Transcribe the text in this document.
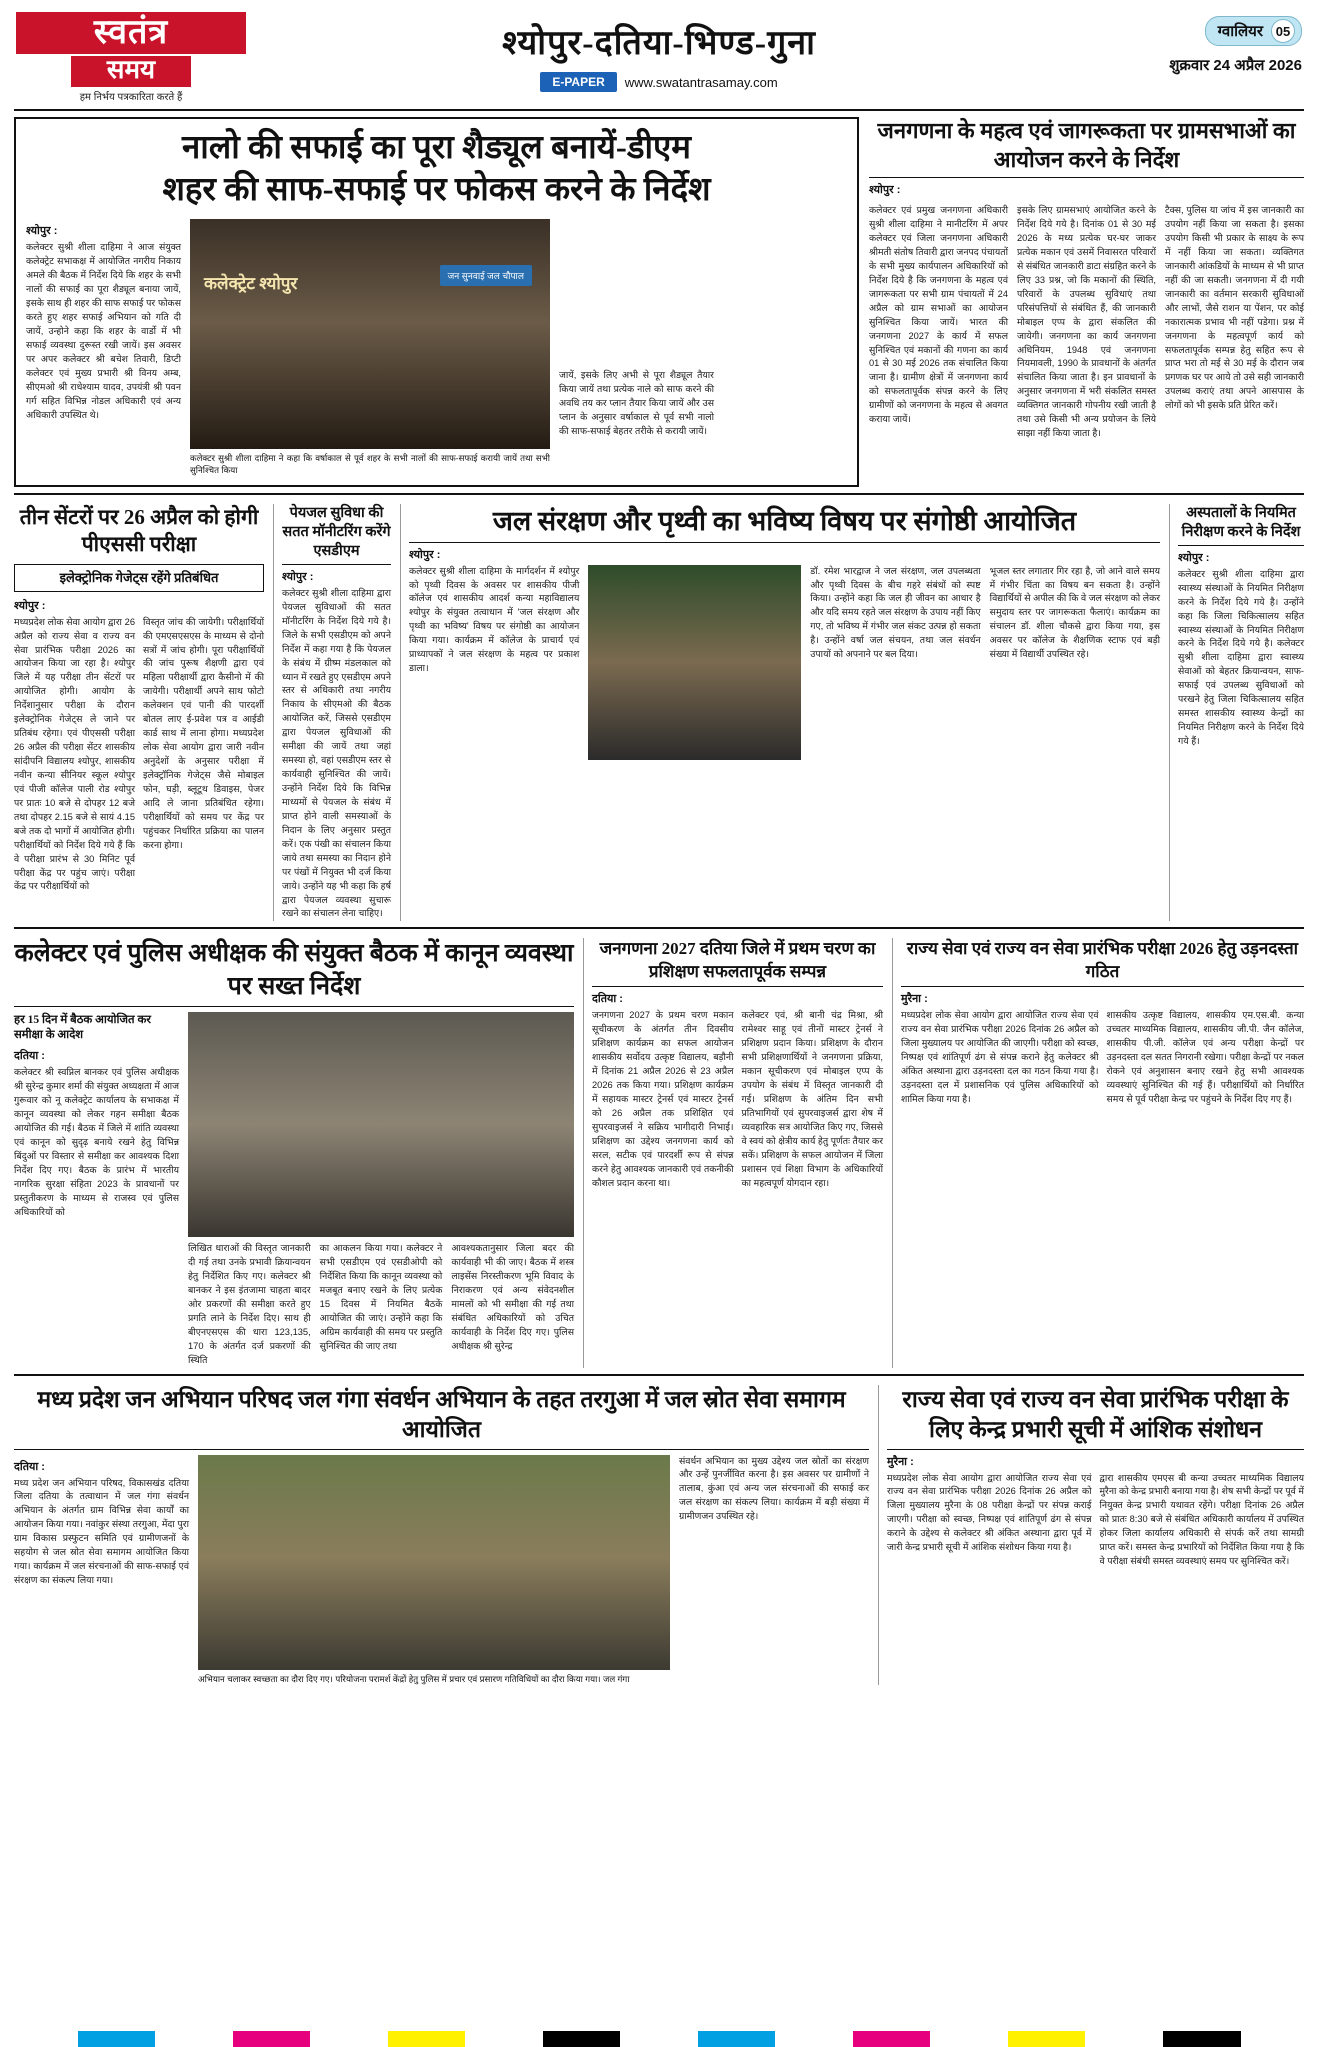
स्वतंत्र
समय
हम निर्भय पत्रकारिता करते हैं
श्योपुर-दतिया-भिण्ड-गुना
E-PAPER	www.swatantrasamay.com
ग्वालियर 05
शुक्रवार 24 अप्रैल 2026
नालो की सफाई का पूरा शैड्यूल बनायें-डीएम
शहर की साफ-सफाई पर फोकस करने के निर्देश
श्योपुर :
कलेक्टर सुश्री शीला दाहिमा ने आज संयुक्त कलेक्ट्रेट सभाकक्ष में आयोजित नगरीय निकाय अमले की बैठक में निर्देश दिये कि शहर के सभी नालों की सफाई का पूरा शैड्यूल बनाया जायें, इसके साथ ही शहर की साफ सफाई पर फोकस करते हुए शहर सफाई अभियान को गति दी जायें, उन्होने कहा कि शहर के वार्डो में भी सफाई व्यवस्था दुरूस्त रखी जायें। इस अवसर पर अपर कलेक्टर श्री बचेश तिवारी, डिप्टी कलेक्टर एवं मुख्य प्रभारी श्री विनय अम्ब, सीएमओ श्री राधेश्याम यादव, उपयंत्री श्री पवन गर्ग सहित विभिन्न नोडल अधिकारी एवं अन्य अधिकारी उपस्थित थे।
कलेक्ट्रेट श्योपुर	जन सुनवाई जल चौपाल
कलेक्टर सुश्री शीला दाहिमा ने कहा कि वर्षाकाल से पूर्व शहर के सभी नालों की साफ-सफाई करायी जायें तथा सभी सुनिश्चित किया
जायें, इसके लिए अभी से पूरा शैड्यूल तैयार किया जायें तथा प्रत्येक नाले को साफ करने की अवधि तय कर प्लान तैयार किया जायें और उस प्लान के अनुसार वर्षाकाल से पूर्व सभी नालो की साफ-सफाई बेहतर तरीके से करायी जायें।
जनगणना के महत्व एवं जागरूकता पर ग्रामसभाओं का आयोजन करने के निर्देश
श्योपुर :
कलेक्टर एवं प्रमुख जनगणना अधिकारी सुश्री शीला दाहिमा ने मानीटरिंग में अपर कलेक्टर एवं जिला जनगणना अधिकारी श्रीमती संतोष तिवारी द्वारा जनपद पंचायतों के सभी मुख्य कार्यपालन अधिकारियों को निर्देश दिये है कि जनगणना के महत्व एवं जागरूकता पर सभी ग्राम पंचायतों में 24 अप्रैल को ग्राम सभाओं का आयोजन सुनिश्चित किया जायें। भारत की जनगणना 2027 के कार्य में सफल सुनिश्चित एवं मकानों की गणना का कार्य 01 से 30 मई 2026 तक संचालित किया जाना है। ग्रामीण क्षेत्रों में जनगणना कार्य को सफलतापूर्वक संपन्न करने के लिए ग्रामीणों को जनगणना के महत्व से अवगत कराया जायें।
इसके लिए ग्रामसभाएं आयोजित करने के निर्देश दिये गये है। दिनांक 01 से 30 मई 2026 के मध्य प्रत्येक घर-घर जाकर प्रत्येक मकान एवं उसमें निवासरत परिवारों से संबंधित जानकारी डाटा संग्रहित करने के लिए 33 प्रश्न, जो कि मकानों की स्थिति, परिवारों के उपलब्ध सुविधाएं तथा परिसंपत्तियों से संबंधित हैं, की जानकारी मोबाइल एप्प के द्वारा संकलित की जायेगी। जनगणना का कार्य जनगणना अधिनियम, 1948 एवं जनगणना नियमावली, 1990 के प्रावधानों के अंतर्गत संचालित किया जाता है। इन प्रावधानों के अनुसार जनगणना में भरी संकलित समस्त व्यक्तिगत जानकारी गोपनीय रखी जाती है तथा उसे किसी भी अन्य प्रयोजन के लिये साझा नहीं किया जाता है।
टैक्स, पुलिस या जांच में इस जानकारी का उपयोग नहीं किया जा सकता है। इसका उपयोग किसी भी प्रकार के साक्ष्य के रूप में नहीं किया जा सकता। व्यक्तिगत जानकारी आंकडियों के माध्यम से भी प्राप्त नहीं की जा सकती। जनगणना में दी गयी जानकारी का वर्तमान सरकारी सुविधाओं और लाभों, जैसे राशन या पेंशन, पर कोई नकारात्मक प्रभाव भी नहीं पडेगा। प्रश्न में जनगणना के महत्वपूर्ण कार्य को सफलतापूर्वक सम्पन्न हेतु सहित रूप से प्राप्त भरा तो मई से 30 मई के दौरान जब प्रगणक घर पर आये तो उसे सही जानकारी उपलब्ध कराएं तथा अपने आसपास के लोगों को भी इसके प्रति प्रेरित करें।
तीन सेंटरों पर 26 अप्रैल को होगी पीएससी परीक्षा
इलेक्ट्रोनिक गेजेट्स रहेंगे प्रतिबंधित
श्योपुर :
मध्यप्रदेश लोक सेवा आयोग द्वारा 26 अप्रैल को राज्य सेवा व राज्य वन सेवा प्रारंभिक परीक्षा 2026 का आयोजन किया जा रहा है। श्योपुर जिले में यह परीक्षा तीन सेंटरों पर आयोजित होगी। आयोग के निर्देशानुसार परीक्षा के दौरान इलेक्ट्रोनिक गेजेट्स ले जाने पर प्रतिबंध रहेगा। एवं पीएससी परीक्षा 26 अप्रैल की परीक्षा सेंटर शासकीय सांदीपनि विद्यालय श्योपुर, शासकीय नवीन कन्या सीनियर स्कूल श्योपुर एवं पीजी कॉलेज पाली रोड श्योपुर पर प्रातः 10 बजे से दोपहर 12 बजे तथा दोपहर 2.15 बजे से सायं 4.15 बजे तक दो भागों में आयोजित होगी। परीक्षार्थियों को निर्देश दिये गये हैं कि वे परीक्षा प्रारंभ से 30 मिनिट पूर्व परीक्षा केंद्र पर पहुंच जाएं। परीक्षा केंद्र पर परीक्षार्थियों को
विस्तृत जांच की जायेगी। परीक्षार्थियों की एमएसएसएस के माध्यम से दोनो सत्रों में जांच होगी। पूरा परीक्षार्थियों की जांच पुरूष शैक्षणी द्वारा एवं महिला परीक्षार्थी द्वारा कैसीनो में की जायेगी। परीक्षार्थी अपने साथ फोटो कलेक्शन एवं पानी की पारदर्शी बोतल लाए ई-प्रवेश पत्र व आईडी कार्ड साथ में लाना होगा। मध्यप्रदेश लोक सेवा आयोग द्वारा जारी नवीन अनुदेशों के अनुसार परीक्षा में इलेक्ट्रॉनिक गेजेट्स जैसे मोबाइल फोन, घड़ी, ब्लूटूथ डिवाइस, पेजर आदि ले जाना प्रतिबंधित रहेगा। परीक्षार्थियों को समय पर केंद्र पर पहुंचकर निर्धारित प्रक्रिया का पालन करना होगा।
पेयजल सुविधा की सतत मॉनीटरिंग करेंगे एसडीएम
श्योपुर :
कलेक्टर सुश्री शीला दाहिमा द्वारा पेयजल सुविधाओं की सतत मॉनीटरिंग के निर्देश दिये गये है। जिले के सभी एसडीएम को अपने निर्देश में कहा गया है कि पेयजल के संबंध में ग्रीष्म मंडलकाल को ध्यान में रखते हुए एसडीएम अपने स्तर से अधिकारी तथा नगरीय निकाय के सीएमओ की बैठक आयोजित करें, जिससे एसडीएम द्वारा पेयजल सुविधाओं की समीक्षा की जायें तथा जहां समस्या हो, वहां एसडीएम स्तर से कार्यवाही सुनिश्चित की जायें। उन्होंने निर्देश दिये कि विभिन्न माध्यमों से पेयजल के संबंध में प्राप्त होने वाली समस्याओं के निदान के लिए अनुसार प्रस्तुत करें। एक पंखी का संचालन किया जाये तथा समस्या का निदान होने पर पंखों में नियुक्त भी दर्ज किया जाये। उन्होंने यह भी कहा कि हर्ष द्वारा पेयजल व्यवस्था सुचारू रखने का संचालन लेना चाहिए।
जल संरक्षण और पृथ्वी का भविष्य विषय पर संगोष्ठी आयोजित
श्योपुर :
कलेक्टर सुश्री शीला दाहिमा के मार्गदर्शन में श्योपुर को पृथ्वी दिवस के अवसर पर शासकीय पीजी कॉलेज एवं शासकीय आदर्श कन्या महाविद्यालय श्योपुर के संयुक्त तत्वाधान में 'जल संरक्षण और पृथ्वी का भविष्य' विषय पर संगोष्ठी का आयोजन किया गया। कार्यक्रम में कॉलेज के प्राचार्य एवं प्राध्यापकों ने जल संरक्षण के महत्व पर प्रकाश डाला।
डॉ. रमेश भारद्वाज ने जल संरक्षण, जल उपलब्धता और पृथ्वी दिवस के बीच गहरे संबंधों को स्पष्ट किया। उन्होंने कहा कि जल ही जीवन का आधार है और यदि समय रहते जल संरक्षण के उपाय नहीं किए गए, तो भविष्य में गंभीर जल संकट उत्पन्न हो सकता है। उन्होंने वर्षा जल संचयन, तथा जल संवर्धन उपायों को अपनाने पर बल दिया।
भूजल स्तर लगातार गिर रहा है, जो आने वाले समय में गंभीर चिंता का विषय बन सकता है। उन्होंने विद्यार्थियों से अपील की कि वे जल संरक्षण को लेकर समुदाय स्तर पर जागरूकता फैलाएं। कार्यक्रम का संचालन डॉ. शीला चौकसे द्वारा किया गया, इस अवसर पर कॉलेज के शैक्षणिक स्टाफ एवं बड़ी संख्या में विद्यार्थी उपस्थित रहे।
अस्पतालों के नियमित निरीक्षण करने के निर्देश
श्योपुर :
कलेक्टर सुश्री शीला दाहिमा द्वारा स्वास्थ्य संस्थाओं के नियमित निरीक्षण करने के निर्देश दिये गये है। उन्होंने कहा कि जिला चिकित्सालय सहित स्वास्थ्य संस्थाओं के नियमित निरीक्षण करने के निर्देश दिये गये है। कलेक्टर सुश्री शीला दाहिमा द्वारा स्वास्थ्य सेवाओं को बेहतर क्रियान्वयन, साफ-सफाई एवं उपलब्ध सुविधाओं को परखने हेतु जिला चिकित्सालय सहित समस्त शासकीय स्वास्थ्य केन्द्रों का नियमित निरीक्षण करने के निर्देश दिये गये हैं।
कलेक्टर एवं पुलिस अधीक्षक की संयुक्त बैठक में कानून व्यवस्था पर सख्त निर्देश
हर 15 दिन में बैठक आयोजित कर समीक्षा के आदेश
दतिया :
कलेक्टर श्री स्वप्निल बानकर एवं पुलिस अधीक्षक श्री सुरेन्द्र कुमार शर्मा की संयुक्त अध्यक्षता में आज गुरूवार को नू कलेक्ट्रेट कार्यालय के सभाकक्ष में कानून व्यवस्था को लेकर गहन समीक्षा बैठक आयोजित की गई। बैठक में जिले में शांति व्यवस्था एवं कानून को सुदृढ़ बनाये रखने हेतु विभिन्न बिंदुओं पर विस्तार से समीक्षा कर आवश्यक दिशा निर्देश दिए गए। बैठक के प्रारंभ में भारतीय नागरिक सुरक्षा संहिता 2023 के प्रावधानों पर प्रस्तुतीकरण के माध्यम से राजस्व एवं पुलिस अधिकारियों को
लिखित धाराओं की विस्तृत जानकारी दी गई तथा उनके प्रभावी क्रियान्वयन हेतु निर्देशित किए गए। कलेक्टर श्री बानकर ने इस इंतजामा चाहता बादर ओर प्रकरणों की समीक्षा करते हुए प्रगति लाने के निर्देश दिए। साथ ही बीएनएसएस की धारा 123,135, 170 के अंतर्गत दर्ज प्रकरणों की स्थिति
का आकलन किया गया। कलेक्टर ने सभी एसडीएम एवं एसडीओपी को निर्देशित किया कि कानून व्यवस्था को मजबूत बनाए रखने के लिए प्रत्येक 15 दिवस में नियमित बैठकें आयोजित की जाएं। उन्होंने कहा कि अग्रिम कार्यवाही की समय पर प्रस्तुति सुनिश्चित की जाए तथा
आवश्यकतानुसार जिला बदर की कार्यवाही भी की जाए। बैठक में शस्त्र लाइसेंस निरस्तीकरण भूमि विवाद के निराकरण एवं अन्य संवेदनशील मामलों को भी समीक्षा की गई तथा संबंधित अधिकारियों को उचित कार्यवाही के निर्देश दिए गए। पुलिस अधीक्षक श्री सुरेन्द्र
जनगणना 2027 दतिया जिले में प्रथम चरण का प्रशिक्षण सफलतापूर्वक सम्पन्न
दतिया :
जनगणना 2027 के प्रथम चरण मकान सूचीकरण के अंतर्गत तीन दिवसीय प्रशिक्षण कार्यक्रम का सफल आयोजन शासकीय सर्वोदय उत्कृष्ट विद्यालय, बड़ौनी में दिनांक 21 अप्रैल 2026 से 23 अप्रैल 2026 तक किया गया। प्रशिक्षण कार्यक्रम में सहायक मास्टर ट्रेनर्स एवं मास्टर ट्रेनर्स को 26 अप्रैल तक प्रशिक्षित एवं सुपरवाइजर्स ने सक्रिय भागीदारी निभाई। प्रशिक्षण का उद्देश्य जनगणना कार्य को सरल, सटीक एवं पारदर्शी रूप से संपन्न करने हेतु आवश्यक जानकारी एवं तकनीकी कौशल प्रदान करना था।
कलेक्टर एवं, श्री बानी चंद्र मिश्रा, श्री रामेश्वर साहू एवं तीनों मास्टर ट्रेनर्स ने प्रशिक्षण प्रदान किया। प्रशिक्षण के दौरान सभी प्रशिक्षणार्थियों ने जनगणना प्रक्रिया, मकान सूचीकरण एवं मोबाइल एप्प के उपयोग के संबंध में विस्तृत जानकारी दी गई। प्रशिक्षण के अंतिम दिन सभी प्रतिभागियों एवं सुपरवाइजर्स द्वारा शेष में व्यवहारिक सत्र आयोजित किए गए, जिससे वे स्वयं को क्षेत्रीय कार्य हेतु पूर्णतः तैयार कर सकें। प्रशिक्षण के सफल आयोजन में जिला प्रशासन एवं शिक्षा विभाग के अधिकारियों का महत्वपूर्ण योगदान रहा।
राज्य सेवा एवं राज्य वन सेवा प्रारंभिक परीक्षा 2026 हेतु उड़नदस्ता गठित
मुरैना :
मध्यप्रदेश लोक सेवा आयोग द्वारा आयोजित राज्य सेवा एवं राज्य वन सेवा प्रारंभिक परीक्षा 2026 दिनांक 26 अप्रैल को जिला मुख्यालय पर आयोजित की जाएगी। परीक्षा को स्वच्छ, निष्पक्ष एवं शांतिपूर्ण ढंग से संपन्न कराने हेतु कलेक्टर श्री अंकित अस्थाना द्वारा उड़नदस्ता दल का गठन किया गया है। उड़नदस्ता दल में प्रशासनिक एवं पुलिस अधिकारियों को शामिल किया गया है।
शासकीय उत्कृष्ट विद्यालय, शासकीय एम.एस.बी. कन्या उच्चतर माध्यमिक विद्यालय, शासकीय जी.पी. जैन कॉलेज, शासकीय पी.जी. कॉलेज एवं अन्य परीक्षा केन्द्रों पर उड़नदस्ता दल सतत निगरानी रखेगा। परीक्षा केन्द्रों पर नकल रोकने एवं अनुशासन बनाए रखने हेतु सभी आवश्यक व्यवस्थाएं सुनिश्चित की गई हैं। परीक्षार्थियों को निर्धारित समय से पूर्व परीक्षा केन्द्र पर पहुंचने के निर्देश दिए गए हैं।
मध्य प्रदेश जन अभियान परिषद जल गंगा संवर्धन अभियान के तहत तरगुआ में जल स्रोत सेवा समागम आयोजित
दतिया :
मध्य प्रदेश जन अभियान परिषद, विकासखंड दतिया जिला दतिया के तत्वाधान में जल गंगा संवर्धन अभियान के अंतर्गत ग्राम विभिन्न सेवा कार्यों का आयोजन किया गया। नवांकुर संस्था तरगुआ, मेंदा पुरा ग्राम विकास प्रस्फुटन समिति एवं ग्रामीणजनों के सहयोग से जल स्रोत सेवा समागम आयोजित किया गया। कार्यक्रम में जल संरचनाओं की साफ-सफाई एवं संरक्षण का संकल्प लिया गया।
अभियान चलाकर स्वच्छता का दौरा दिए गए। परियोजना परामर्श केंद्रों हेतु पुलिस में प्रचार एवं प्रसारण गतिविधियों का दौरा किया गया। जल गंगा
संवर्धन अभियान का मुख्य उद्देश्य जल स्रोतों का संरक्षण और उन्हें पुनर्जीवित करना है। इस अवसर पर ग्रामीणों ने तालाब, कुंआ एवं अन्य जल संरचनाओं की सफाई कर जल संरक्षण का संकल्प लिया। कार्यक्रम में बड़ी संख्या में ग्रामीणजन उपस्थित रहे।
राज्य सेवा एवं राज्य वन सेवा प्रारंभिक परीक्षा के लिए केन्द्र प्रभारी सूची में आंशिक संशोधन
मुरैना :
मध्यप्रदेश लोक सेवा आयोग द्वारा आयोजित राज्य सेवा एवं राज्य वन सेवा प्रारंभिक परीक्षा 2026 दिनांक 26 अप्रैल को जिला मुख्यालय मुरैना के 08 परीक्षा केन्द्रों पर संपन्न कराई जाएगी। परीक्षा को स्वच्छ, निष्पक्ष एवं शांतिपूर्ण ढंग से संपन्न कराने के उद्देश्य से कलेक्टर श्री अंकित अस्थाना द्वारा पूर्व में जारी केन्द्र प्रभारी सूची में आंशिक संशोधन किया गया है।
द्वारा शासकीय एमएस बी कन्या उच्चतर माध्यमिक विद्यालय मुरैना को केन्द्र प्रभारी बनाया गया है। शेष सभी केन्द्रों पर पूर्व में नियुक्त केन्द्र प्रभारी यथावत रहेंगे। परीक्षा दिनांक 26 अप्रैल को प्रातः 8:30 बजे से संबंधित अधिकारी कार्यालय में उपस्थित होकर जिला कार्यालय अधिकारी से संपर्क करें तथा सामग्री प्राप्त करें। समस्त केन्द्र प्रभारियों को निर्देशित किया गया है कि वे परीक्षा संबंधी समस्त व्यवस्थाएं समय पर सुनिश्चित करें।
